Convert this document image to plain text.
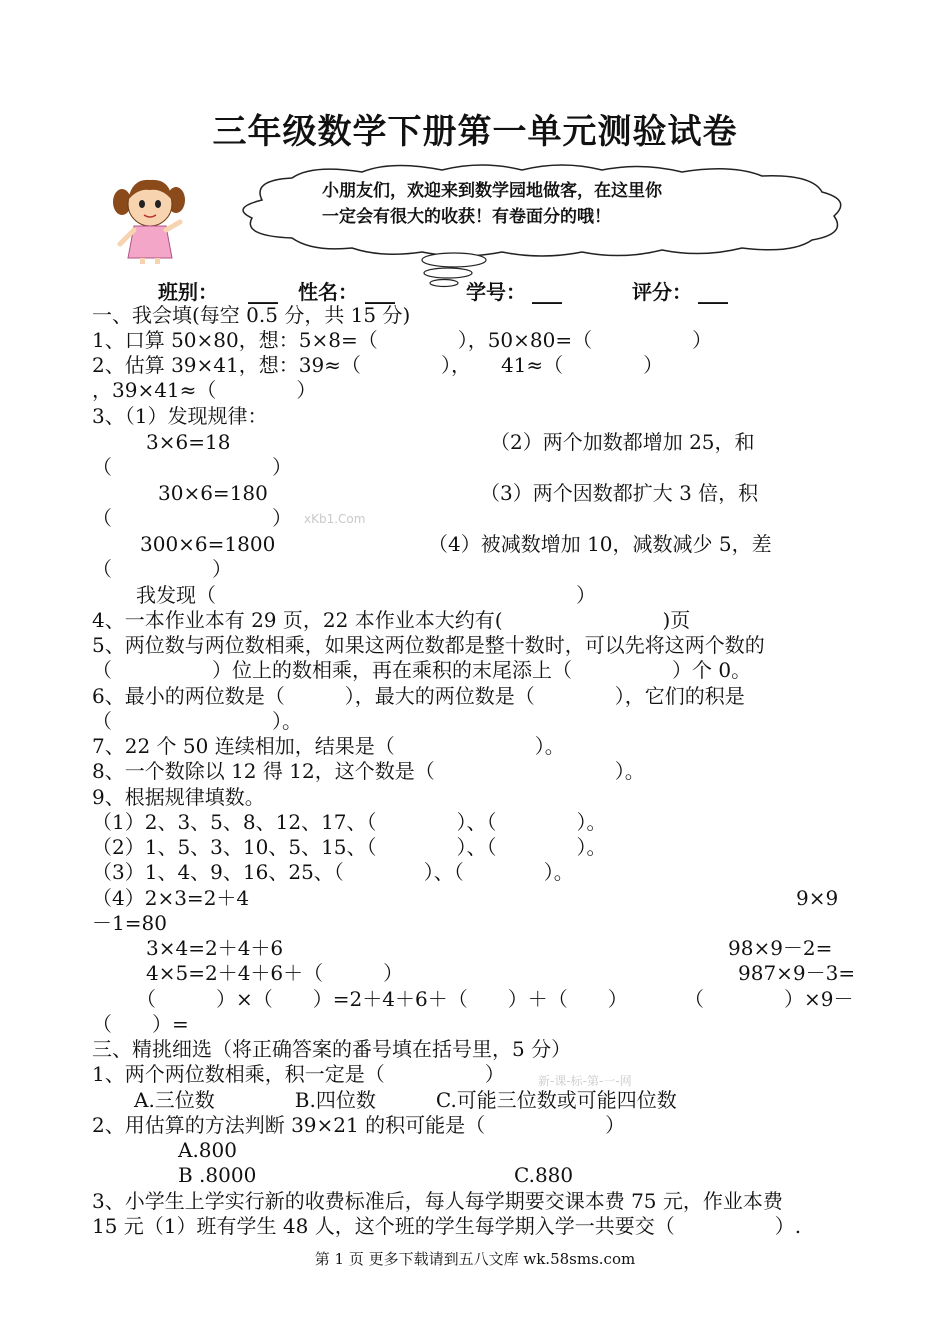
三年级数学下册第一单元测验试卷
小朋友们，欢迎来到数学园地做客，在这里你
一定会有很大的收获！有卷面分的哦！
班别： ___ 性名： ___	学号： ___	评分： ___
一、我会填(每空 0.5 分，共 15 分)
1、口算 50×80，想：5×8=（　　　　），50×80=（　　　　　）
2、估算 39×41，想：39≈（　　　　），　　41≈（　　　　）
，39×41≈（　　　　）
3、（1）发现规律：
3×6=18	（2）两个加数都增加 25，和
（　　　　　　　　）
30×6=180	（3）两个因数都扩大 3 倍，积
（　　　　　　　　） xKb1.Com
300×6=1800	（4）被减数增加 10，减数减少 5，差
（　　　　　）
我发现（　　　　　　　　　　　　　　　　　　）
4、一本作业本有 29 页，22 本作业本大约有(　　　　　　　　)页
5、两位数与两位数相乘，如果这两位数都是整十数时，可以先将这两个数的
（　　　　　）位上的数相乘，再在乘积的末尾添上（　　　　　）个 0。
6、最小的两位数是（　　　），最大的两位数是（　　　　），它们的积是
（　　　　　　　　）。
7、22 个 50 连续相加，结果是（　　　　　　　）。
8、一个数除以 12 得 12，这个数是（　　　　　　　　　）。
9、根据规律填数。
（1）2、3、5、8、12、17、（　　　　）、（　　　　）。
（2）1、5、3、10、5、15、（　　　　）、（　　　　）。
（3）1、4、9、16、25、（　　　　）、（　　　　）。
（4）2×3=2＋4	9×9
－1=80
3×4=2＋4＋6	98×9－2=
4×5=2＋4＋6＋（　　　）	987×9－3=
（　　　）×（　　）=2＋4＋6＋（　　）＋（　　）	（　　　　）×9－
（　　）=
三、精挑细选（将正确答案的番号填在括号里，5 分）
1、两个两位数相乘，积一定是（　　　　　）	新-课-标-第-一-网
A.三位数　　　　B.四位数　　　C.可能三位数或可能四位数
2、用估算的方法判断 39×21 的积可能是（　　　　　　）
A.800
B .8000	C.880
3、小学生上学实行新的收费标准后，每人每学期要交课本费 75 元，作业本费
15 元（1）班有学生 48 人，这个班的学生每学期入学一共要交（　　　　　）.
第 1 页 更多下载请到五八文库 wk.58sms.com
